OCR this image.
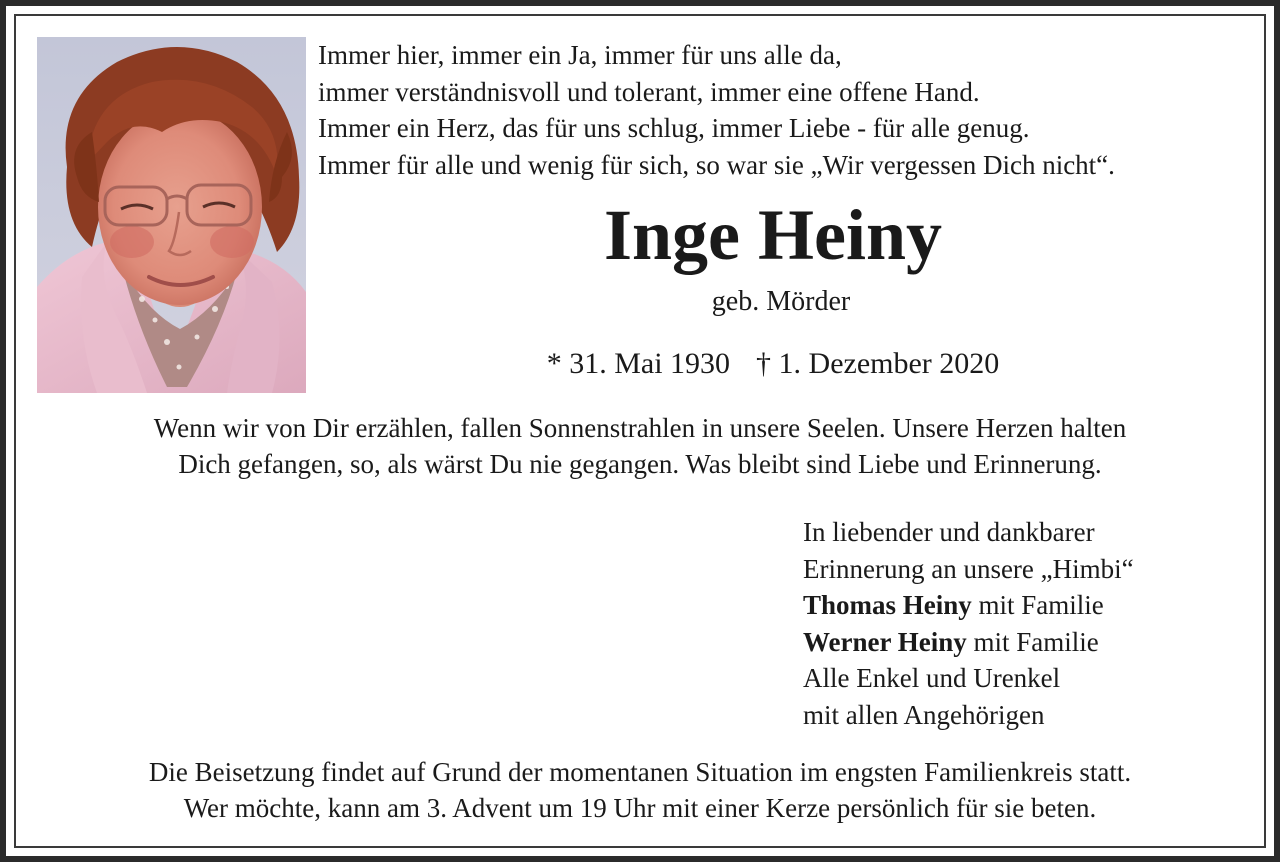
Immer hier, immer ein Ja, immer für uns alle da,
immer verständnisvoll und tolerant, immer eine offene Hand.
Immer ein Herz, das für uns schlug, immer Liebe - für alle genug.
Immer für alle und wenig für sich, so war sie „Wir vergessen Dich nicht“.
Inge Heiny
geb. Mörder
* 31. Mai 1930 † 1. Dezember 2020
Wenn wir von Dir erzählen, fallen Sonnenstrahlen in unsere Seelen. Unsere Herzen halten
Dich gefangen, so, als wärst Du nie gegangen. Was bleibt sind Liebe und Erinnerung.
In liebender und dankbarer
Erinnerung an unsere „Himbi“
Thomas Heiny mit Familie
Werner Heiny mit Familie
Alle Enkel und Urenkel
mit allen Angehörigen
Die Beisetzung findet auf Grund der momentanen Situation im engsten Familienkreis statt.
Wer möchte, kann am 3. Advent um 19 Uhr mit einer Kerze persönlich für sie beten.
